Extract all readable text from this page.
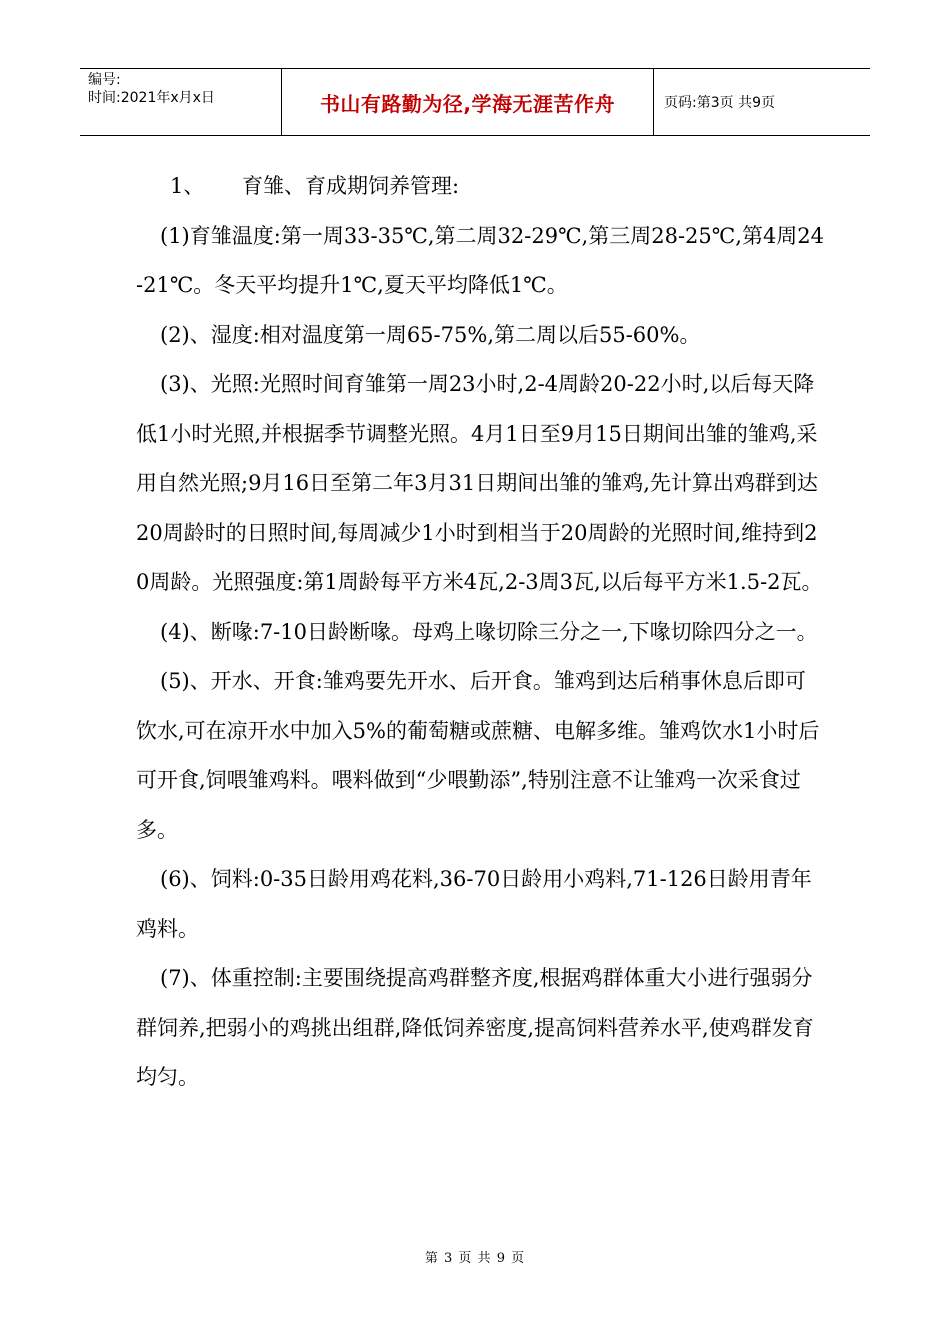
编号:
时间:2021年x月x日	书山有路勤为径,学海无涯苦作舟	页码:第3页 共9页

1、 育雏、育成期饲养管理:

(1)育雏温度:第一周33-35℃,第二周32-29℃,第三周28-25℃,第4周24-21℃。冬天平均提升1℃,夏天平均降低1℃。

(2)、湿度:相对温度第一周65-75%,第二周以后55-60%。

(3)、光照:光照时间育雏第一周23小时,2-4周龄20-22小时,以后每天降低1小时光照,并根据季节调整光照。4月1日至9月15日期间出雏的雏鸡,采用自然光照;9月16日至第二年3月31日期间出雏的雏鸡,先计算出鸡群到达20周龄时的日照时间,每周减少1小时到相当于20周龄的光照时间,维持到20周龄。光照强度:第1周龄每平方米4瓦,2-3周3瓦,以后每平方米1.5-2瓦。

(4)、断喙:7-10日龄断喙。母鸡上喙切除三分之一,下喙切除四分之一。

(5)、开水、开食:雏鸡要先开水、后开食。雏鸡到达后稍事休息后即可饮水,可在凉开水中加入5%的葡萄糖或蔗糖、电解多维。雏鸡饮水1小时后可开食,饲喂雏鸡料。喂料做到“少喂勤添”,特别注意不让雏鸡一次采食过多。

(6)、饲料:0-35日龄用鸡花料,36-70日龄用小鸡料,71-126日龄用青年鸡料。

(7)、体重控制:主要围绕提高鸡群整齐度,根据鸡群体重大小进行强弱分群饲养,把弱小的鸡挑出组群,降低饲养密度,提高饲料营养水平,使鸡群发育均匀。

第 3 页 共 9 页
